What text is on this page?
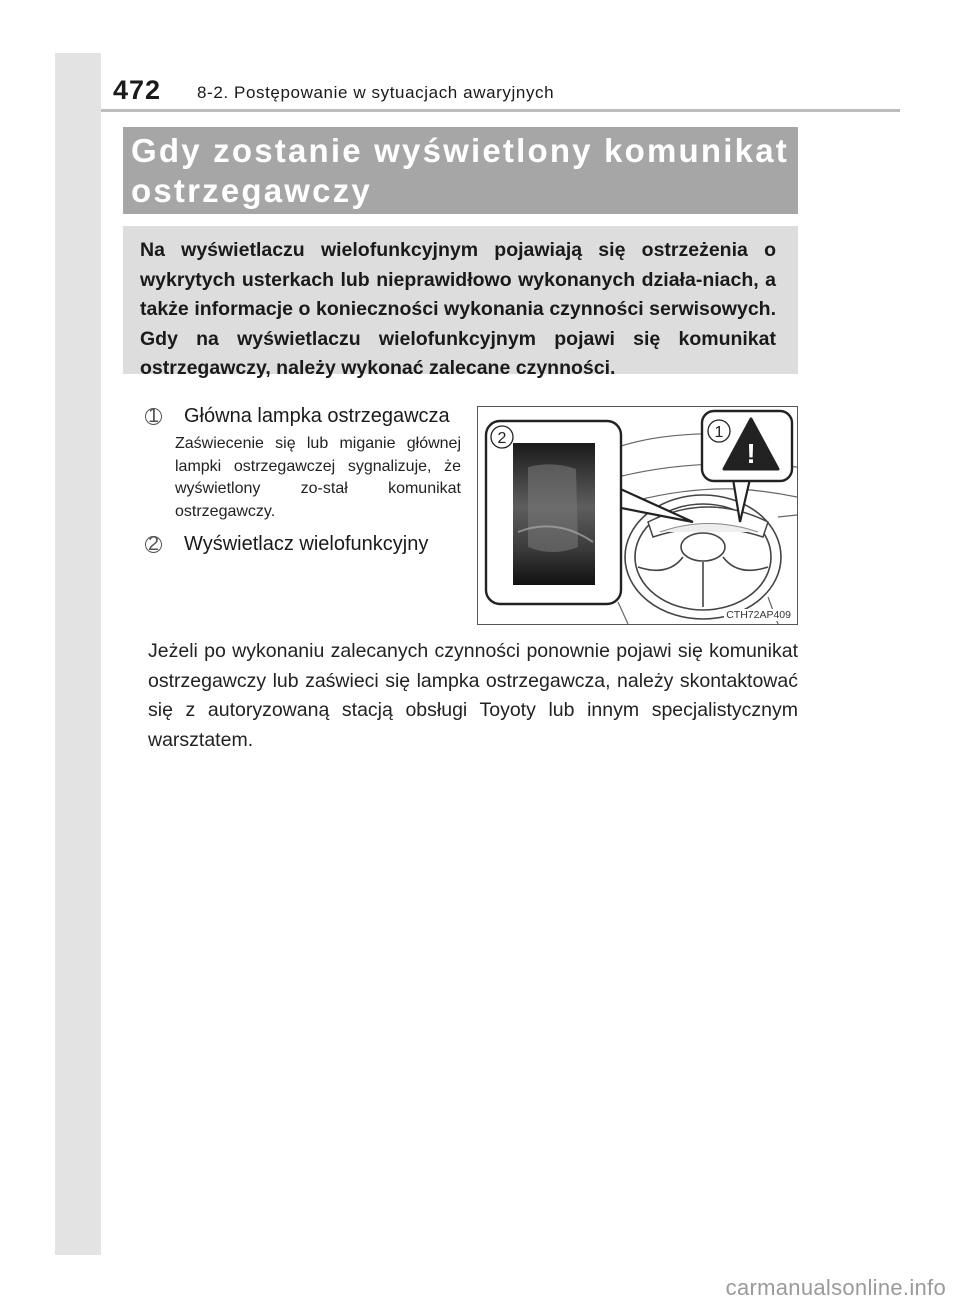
472 8-2. Postępowanie w sytuacjach awaryjnych
Gdy zostanie wyświetlony komunikat ostrzegawczy
Na wyświetlaczu wielofunkcyjnym pojawiają się ostrzeżenia o wykrytych usterkach lub nieprawidłowo wykonanych działa-niach, a także informacje o konieczności wykonania czynności serwisowych. Gdy na wyświetlaczu wielofunkcyjnym pojawi się komunikat ostrzegawczy, należy wykonać zalecane czynności.
1 Główna lampka ostrzegawcza
Zaświecenie się lub miganie głównej lampki ostrzegawczej sygnalizuje, że wyświetlony zo-stał komunikat ostrzegawczy.
2 Wyświetlacz wielofunkcyjny
2	!
1
CTH72AP409
Jeżeli po wykonaniu zalecanych czynności ponownie pojawi się komunikat ostrzegawczy lub zaświeci się lampka ostrzegawcza, należy skontaktować się z autoryzowaną stacją obsługi Toyoty lub innym specjalistycznym warsztatem.
carmanualsonline.info
